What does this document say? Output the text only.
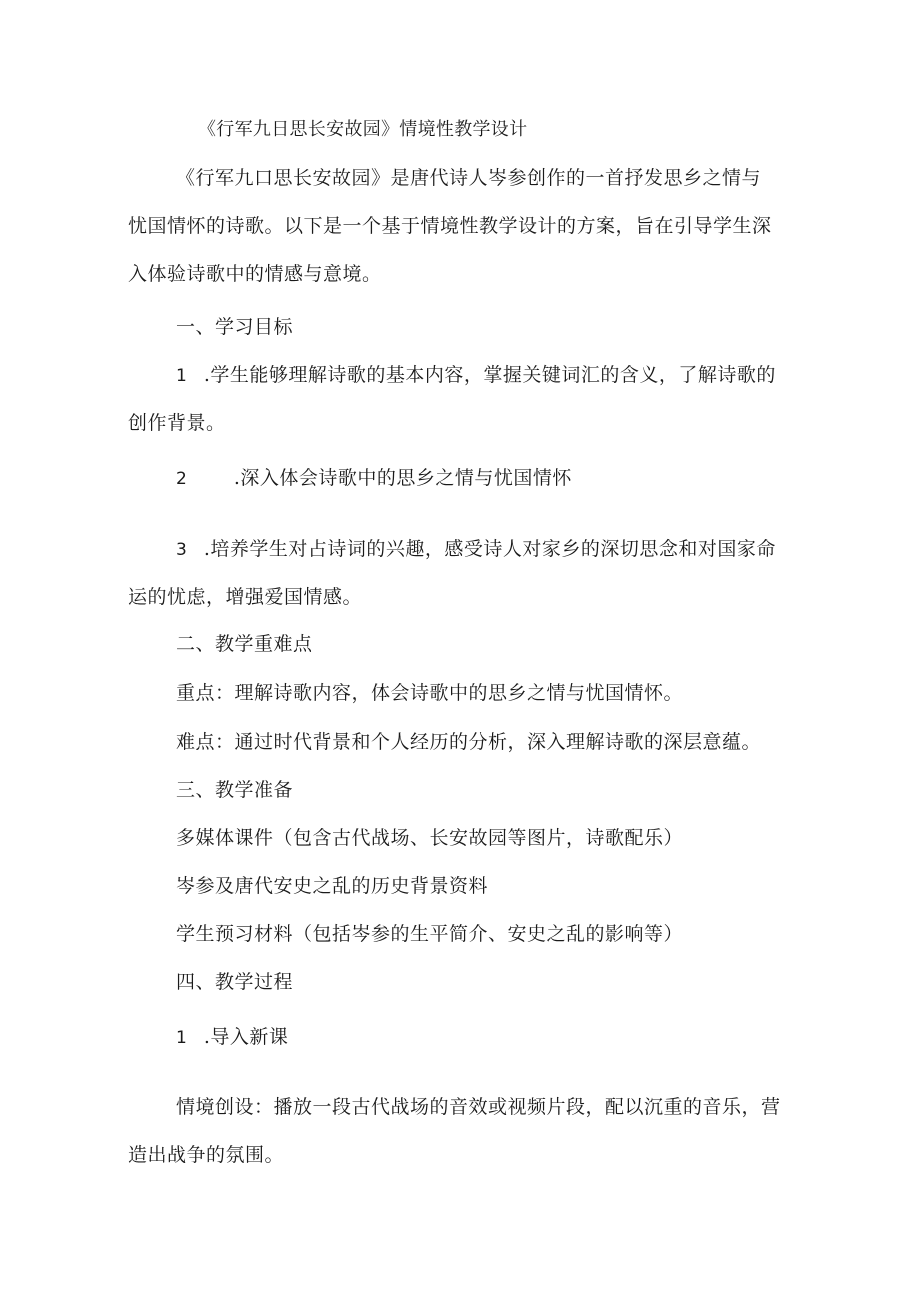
《行军九日思长安故园》情境性教学设计
《行军九口思长安故园》是唐代诗人岑参创作的一首抒发思乡之情与
忧国情怀的诗歌。以下是一个基于情境性教学设计的方案，旨在引导学生深
入体验诗歌中的情感与意境。
一、学习目标
1 .学生能够理解诗歌的基本内容，掌握关键词汇的含义，了解诗歌的
创作背景。
2 .深入体会诗歌中的思乡之情与忧国情怀
3 .培养学生对占诗词的兴趣，感受诗人对家乡的深切思念和对国家命
运的忧虑，增强爱国情感。
二、教学重难点
重点：理解诗歌内容，体会诗歌中的思乡之情与忧国情怀。
难点：通过时代背景和个人经历的分析，深入理解诗歌的深层意蕴。
三、教学准备
多媒体课件（包含古代战场、长安故园等图片，诗歌配乐）
岑参及唐代安史之乱的历史背景资料
学生预习材料（包括岑参的生平简介、安史之乱的影响等）
四、教学过程
1 .导入新课
情境创设：播放一段古代战场的音效或视频片段，配以沉重的音乐，营
造出战争的氛围。
